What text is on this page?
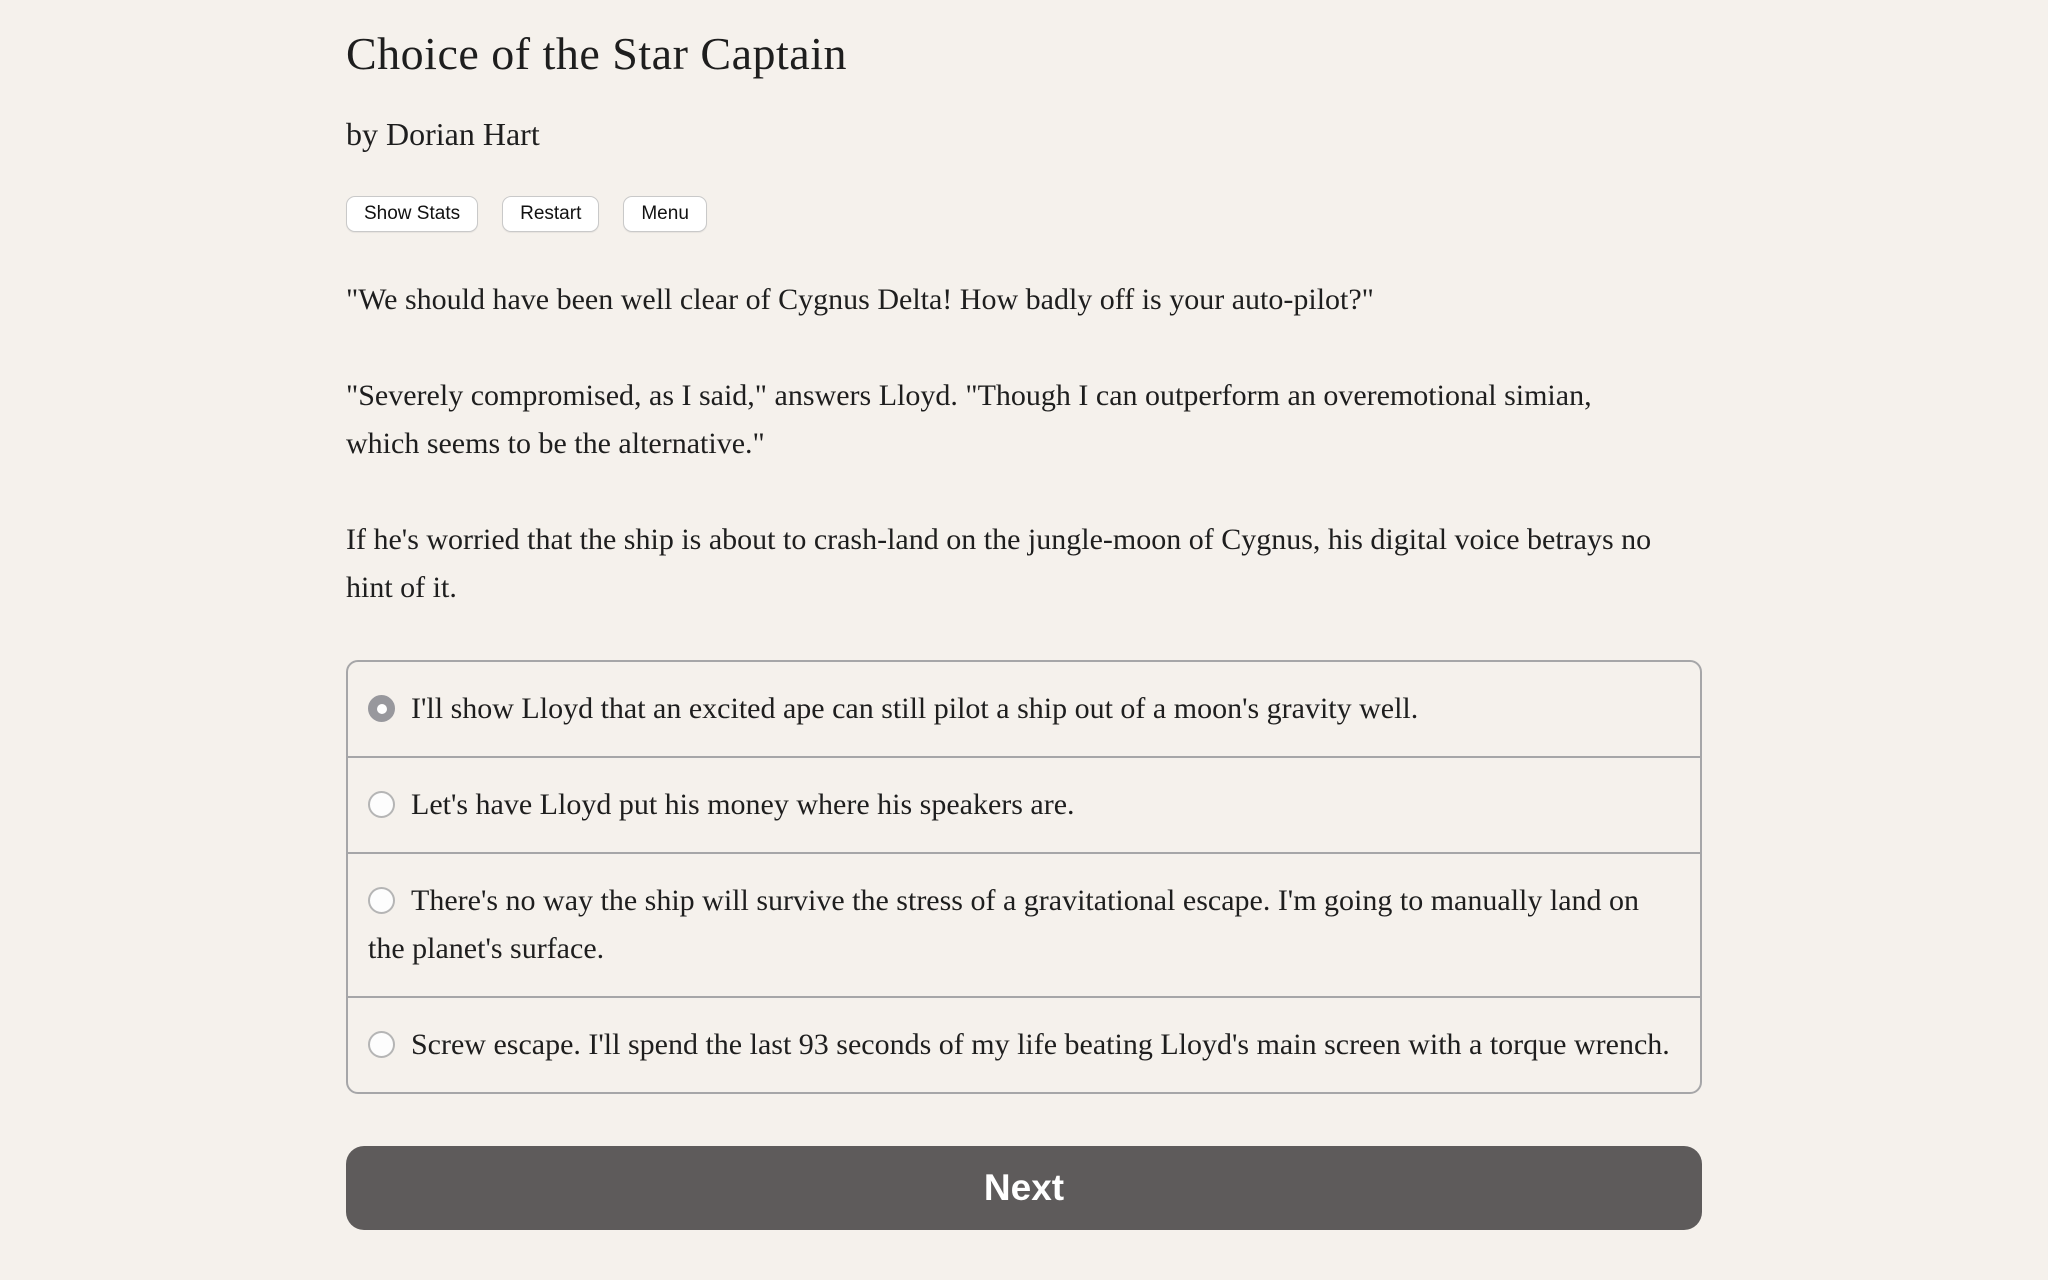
Choice of the Star Captain
by Dorian Hart
Show Stats	Restart	Menu

"We should have been well clear of Cygnus Delta! How badly off is your auto-pilot?"

"Severely compromised, as I said," answers Lloyd. "Though I can outperform an overemotional simian, which seems to be the alternative."

If he's worried that the ship is about to crash-land on the jungle-moon of Cygnus, his digital voice betrays no hint of it.

I'll show Lloyd that an excited ape can still pilot a ship out of a moon's gravity well.
Let's have Lloyd put his money where his speakers are.
There's no way the ship will survive the stress of a gravitational escape. I'm going to manually land on the planet's surface.
Screw escape. I'll spend the last 93 seconds of my life beating Lloyd's main screen with a torque wrench.
Next
